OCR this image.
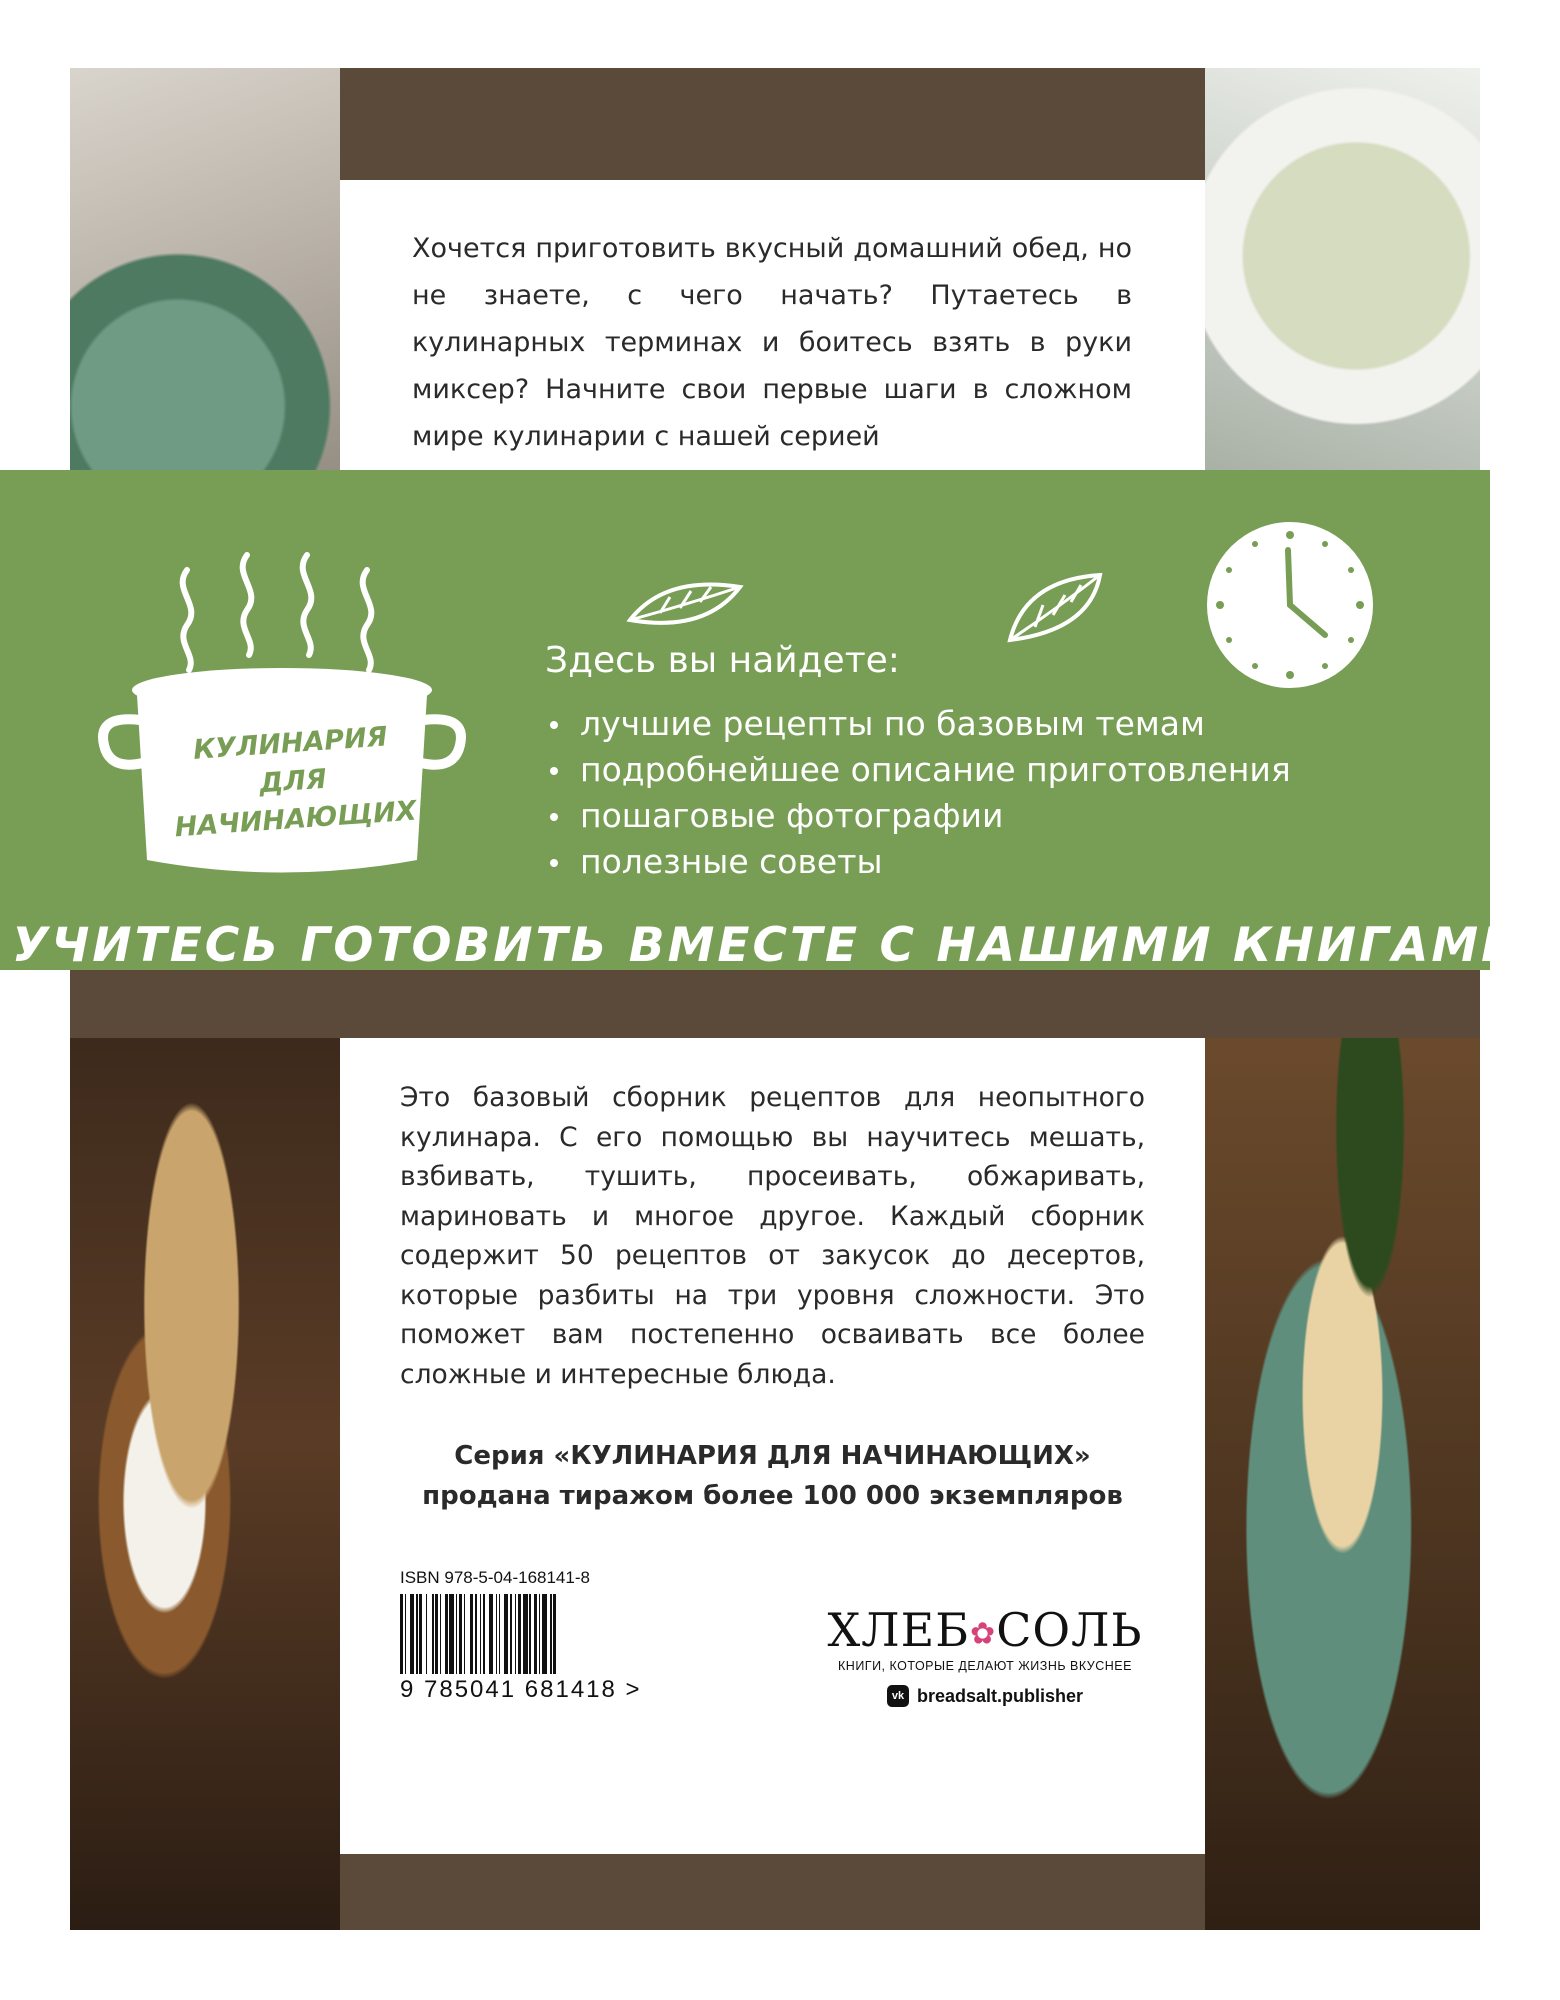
Хочется приготовить вкусный домашний обед, но не знаете, с чего начать? Путаетесь в кулинарных терминах и боитесь взять в руки миксер? Начните свои первые шаги в сложном мире кулинарии с нашей серией
Это базовый сборник рецептов для неопытного кулинара. С его помощью вы научитесь мешать, взбивать, тушить, просеивать, обжаривать, мариновать и многое другое. Каждый сборник содержит 50 рецептов от закусок до десертов, которые разбиты на три уровня сложности. Это поможет вам постепенно осваивать все более сложные и интересные блюда.
Серия «КУЛИНАРИЯ ДЛЯ НАЧИНАЮЩИХ»
продана тиражом более 100 000 экземпляров
ISBN 978-5-04-168141-8
9 785041 681418 >
ХЛЕБ✿СОЛЬ
КНИГИ, КОТОРЫЕ ДЕЛАЮТ ЖИЗНЬ ВКУСНЕЕ
vk breadsalt.publisher
КУЛИНАРИЯ
ДЛЯ
НАЧИНАЮЩИХ
Здесь вы найдете:
лучшие рецепты по базовым темам
подробнейшее описание приготовления
пошаговые фотографии
полезные советы
УЧИТЕСЬ ГОТОВИТЬ ВМЕСТЕ С НАШИМИ КНИГАМИ!
